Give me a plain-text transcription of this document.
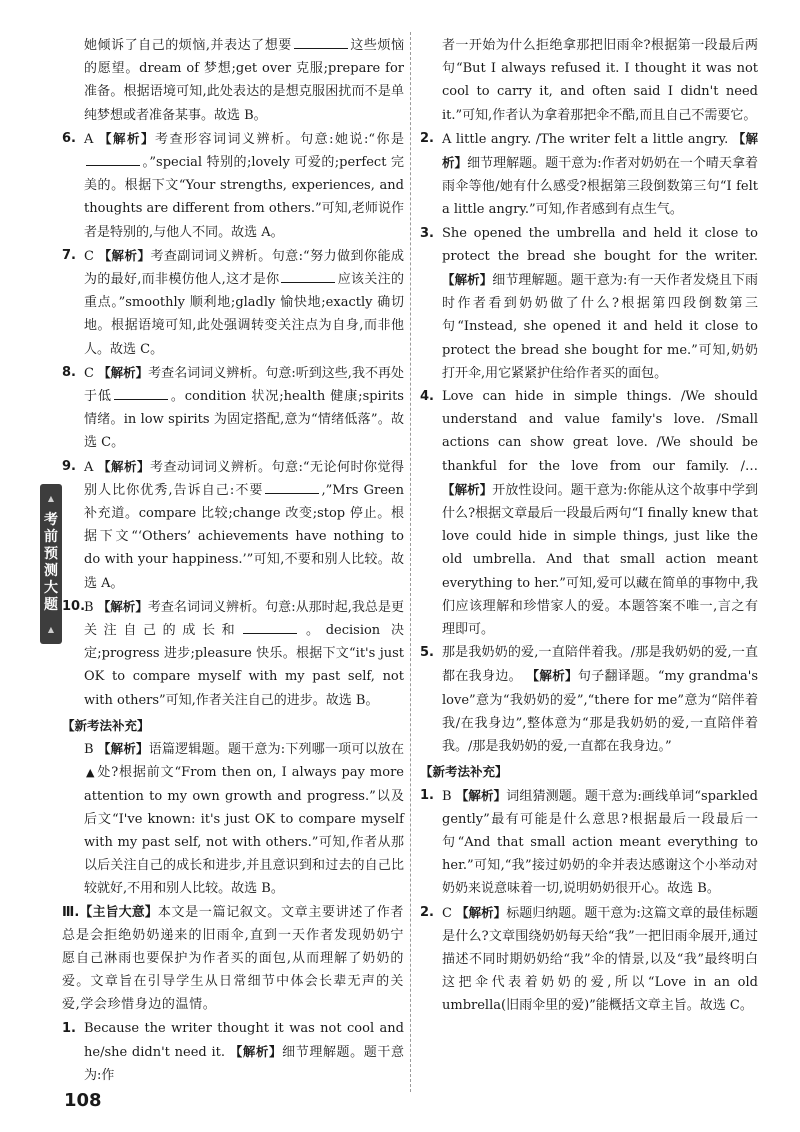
▲
考前预测大题
▲

她倾诉了自己的烦恼,并表达了想要	这些烦恼的愿望。dream of 梦想;get over 克服;prepare for 准备。根据语境可知,此处表达的是想克服困扰而不是单纯梦想或者准备某事。故选 B。

6. A 【解析】考查形容词词义辨析。句意:她说:“你是。”special 特别的;lovely 可爱的;perfect 完美的。根据下文“Your strengths, experiences, and thoughts are different from others.”可知,老师说作者是特别的,与他人不同。故选 A。
7. C 【解析】考查副词词义辨析。句意:“努力做到你能成为的最好,而非模仿他人,这才是你	应该关注的重点。”smoothly 顺利地;gladly 愉快地;exactly 确切地。根据语境可知,此处强调转变关注点为自身,而非他人。故选 C。
8. C 【解析】考查名词词义辨析。句意:听到这些,我不再处于低	。condition 状况;health 健康;spirits 情绪。in low spirits 为固定搭配,意为“情绪低落”。故选 C。
9. A 【解析】考查动词词义辨析。句意:“无论何时你觉得别人比你优秀,告诉自己:不要	,”Mrs Green 补充道。compare 比较;change 改变;stop 停止。根据下文“‘Others’ achievements have nothing to do with your happiness.’”可知,不要和别人比较。故选 A。
10.
B 【解析】考查名词词义辨析。句意:从那时起,我总是更关注自己的成长和	。decision 决定;progress 进步;pleasure 快乐。根据下文“it's just OK to compare myself with my past self, not with others”可知,作者关注自己的进步。故选 B。

【新考法补充】

B 【解析】语篇逻辑题。题干意为:下列哪一项可以放在▲ 处?根据前文“From then on, I always pay more attention to my own growth and progress.”以及后文“I've known: it's just OK to compare myself with my past self, not with others.”可知,作者从那以后关注自己的成长和进步,并且意识到和过去的自己比较就好,不用和别人比较。故选 B。

Ⅲ.【主旨大意】本文是一篇记叙文。文章主要讲述了作者总是会拒绝奶奶递来的旧雨伞,直到一天作者发现奶奶宁愿自己淋雨也要保护为作者买的面包,从而理解了奶奶的爱。文章旨在引导学生从日常细节中体会长辈无声的关爱,学会珍惜身边的温情。

1. Because the writer thought it was not cool and he/she didn't need it. 【解析】细节理解题。题干意为:作

者一开始为什么拒绝拿那把旧雨伞?根据第一段最后两句“But I always refused it. I thought it was not cool to carry it, and often said I didn't need it.”可知,作者认为拿着那把伞不酷,而且自己不需要它。

2. A little angry. /The writer felt a little angry. 【解析】细节理解题。题干意为:作者对奶奶在一个晴天拿着雨伞等他/她有什么感受?根据第三段倒数第三句“I felt a little angry.”可知,作者感到有点生气。
3. She opened the umbrella and held it close to protect the bread she bought for the writer. 【解析】细节理解题。题干意为:有一天作者发烧且下雨时作者看到奶奶做了什么?根据第四段倒数第三句“Instead, she opened it and held it close to protect the bread she bought for me.”可知,奶奶打开伞,用它紧紧护住给作者买的面包。
4. Love can hide in simple things. /We should understand and value family's love. /Small actions can show great love. /We should be thankful for the love from our family. /… 【解析】开放性设问。题干意为:你能从这个故事中学到什么?根据文章最后一段最后两句“I finally knew that love could hide in simple things, just like the old umbrella. And that small action meant everything to her.”可知,爱可以藏在简单的事物中,我们应该理解和珍惜家人的爱。本题答案不唯一,言之有理即可。
5. 那是我奶奶的爱,一直陪伴着我。/那是我奶奶的爱,一直都在我身边。 【解析】句子翻译题。“my grandma's love”意为“我奶奶的爱”,“there for me”意为“陪伴着我/在我身边”,整体意为“那是我奶奶的爱,一直陪伴着我。/那是我奶奶的爱,一直都在我身边。”

【新考法补充】

1. B 【解析】词组猜测题。题干意为:画线单词“sparkled gently”最有可能是什么意思?根据最后一段最后一句“And that small action meant everything to her.”可知,“我”接过奶奶的伞并表达感谢这个小举动对奶奶来说意味着一切,说明奶奶很开心。故选 B。
2. C 【解析】标题归纳题。题干意为:这篇文章的最佳标题是什么?文章围绕奶奶每天给“我”一把旧雨伞展开,通过描述不同时期奶奶给“我”伞的情景,以及“我”最终明白这把伞代表着奶奶的爱,所以“Love in an old umbrella(旧雨伞里的爱)”能概括文章主旨。故选 C。
108
